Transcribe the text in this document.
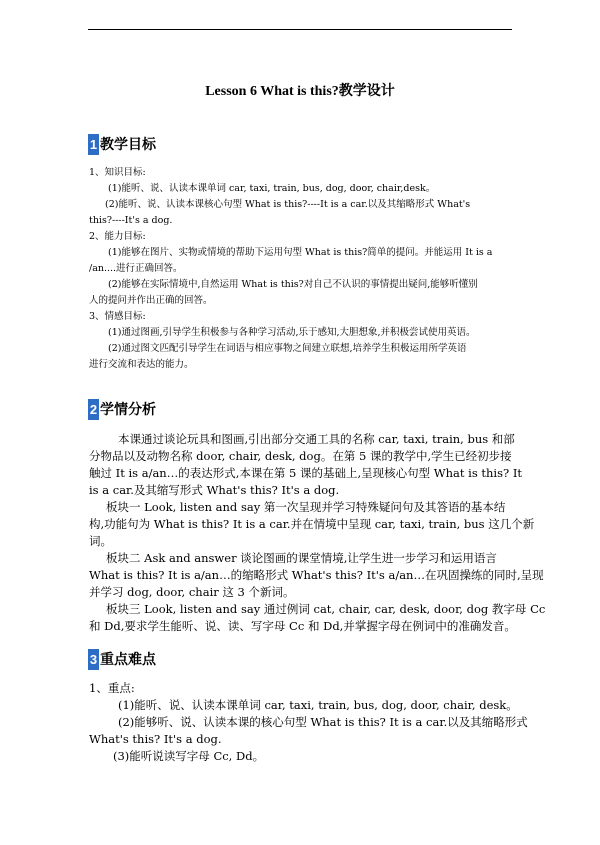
Lesson 6 What is this?教学设计
1 教学目标
1、知识目标:
(1)能听、说、认读本课单词 car, taxi, train, bus, dog, door, chair,desk。
(2)能听、说、认读本课核心句型 What is this?----It is a car.以及其缩略形式 What's
this?----It's a dog.
2、能力目标:
(1)能够在图片、实物或情境的帮助下运用句型 What is this?简单的提问。并能运用 It is a
/an....进行正确回答。
(2)能够在实际情境中,自然运用 What is this?对自己不认识的事情提出疑问,能够听懂别
人的提问并作出正确的回答。
3、情感目标:
(1)通过图画,引导学生积极参与各种学习活动,乐于感知,大胆想象,并积极尝试使用英语。
(2)通过图文匹配引导学生在词语与相应事物之间建立联想,培养学生积极运用所学英语
进行交流和表达的能力。
2 学情分析
本课通过谈论玩具和图画,引出部分交通工具的名称 car, taxi, train, bus 和部
分物品以及动物名称 door, chair, desk, dog。在第 5 课的教学中,学生已经初步接
触过 It is a/an…的表达形式,本课在第 5 课的基础上,呈现核心句型 What is this? It
is a car.及其缩写形式 What's this? It's a dog.
板块一 Look, listen and say 第一次呈现并学习特殊疑问句及其答语的基本结
构,功能句为 What is this? It is a car.并在情境中呈现 car, taxi, train, bus 这几个新
词。
板块二 Ask and answer 谈论图画的课堂情境,让学生进一步学习和运用语言
What is this? It is a/an…的缩略形式 What's this? It's a/an…在巩固操练的同时,呈现
并学习 dog, door, chair 这 3 个新词。
板块三 Look, listen and say 通过例词 cat, chair, car, desk, door, dog 教字母 Cc
和 Dd,要求学生能听、说、读、写字母 Cc 和 Dd,并掌握字母在例词中的准确发音。
3 重点难点
1、重点:
(1)能听、说、认读本课单词 car, taxi, train, bus, dog, door, chair, desk。
(2)能够听、说、认读本课的核心句型 What is this? It is a car.以及其缩略形式
What's this? It's a dog.
(3)能听说读写字母 Cc, Dd。
